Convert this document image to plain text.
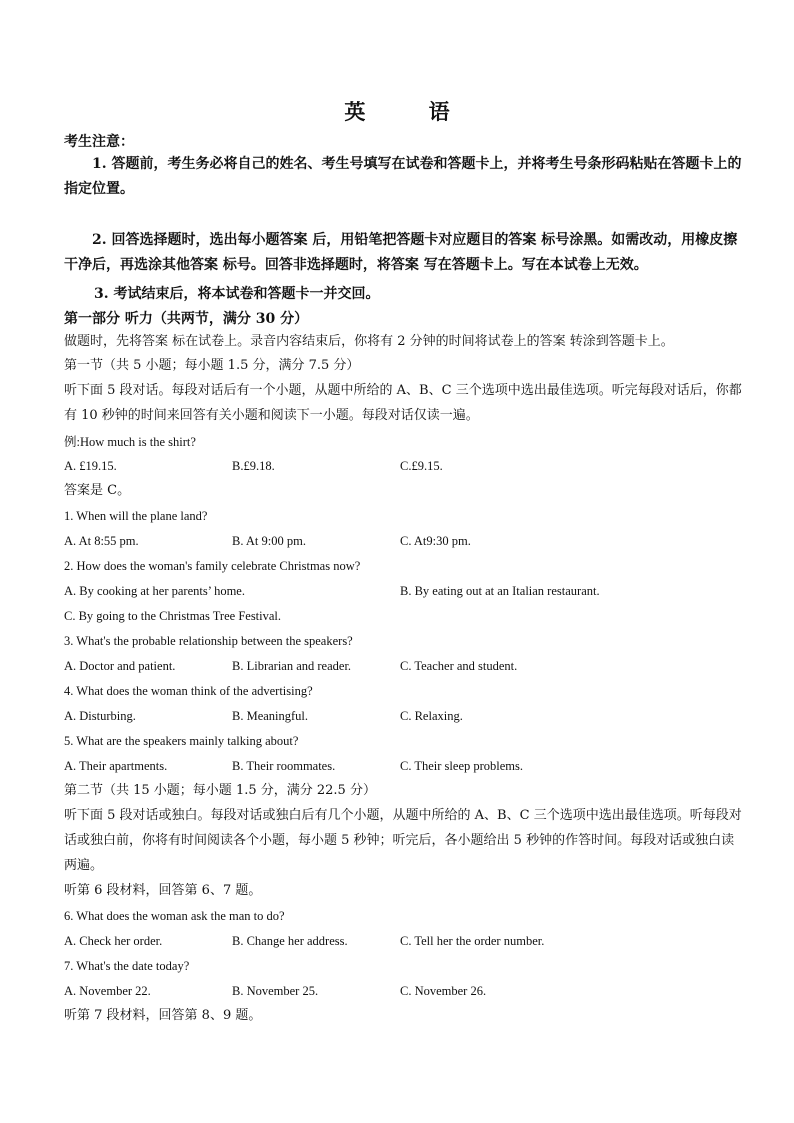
英 语
考生注意：
1. 答题前，考生务必将自己的姓名、考生号填写在试卷和答题卡上，并将考生号条形码粘贴在答题卡上的指定位置。
2. 回答选择题时，选出每小题答案 后，用铅笔把答题卡对应题目的答案 标号涂黑。如需改动，用橡皮擦干净后，再选涂其他答案 标号。回答非选择题时，将答案 写在答题卡上。写在本试卷上无效。
3. 考试结束后，将本试卷和答题卡一并交回。
第一部分 听力（共两节，满分 30 分）
做题时，先将答案 标在试卷上。录音内容结束后，你将有 2 分钟的时间将试卷上的答案 转涂到答题卡上。
第一节（共 5 小题；每小题 1.5 分，满分 7.5 分）
听下面 5 段对话。每段对话后有一个小题，从题中所给的 A、B、C 三个选项中选出最佳选项。听完每段对话后，你都有 10 秒钟的时间来回答有关小题和阅读下一小题。每段对话仅读一遍。
例:How much is the shirt?
A. £19.15.	B.£9.18.	C.£9.15.
答案是 C。
1. When will the plane land?
A. At 8:55 pm.	B. At 9:00 pm.	C. At9:30 pm.
2. How does the woman's family celebrate Christmas now?
A. By cooking at her parents’ home.	B. By eating out at an Italian restaurant.
C. By going to the Christmas Tree Festival.
3. What's the probable relationship between the speakers?
A. Doctor and patient.	B. Librarian and reader.	C. Teacher and student.
4. What does the woman think of the advertising?
A. Disturbing.	B. Meaningful.	C. Relaxing.
5. What are the speakers mainly talking about?
A. Their apartments.	B. Their roommates.	C. Their sleep problems.
第二节（共 15 小题；每小题 1.5 分，满分 22.5 分）
听下面 5 段对话或独白。每段对话或独白后有几个小题，从题中所给的 A、B、C 三个选项中选出最佳选项。听每段对话或独白前，你将有时间阅读各个小题，每小题 5 秒钟；听完后，各小题给出 5 秒钟的作答时间。每段对话或独白读两遍。
听第 6 段材料，回答第 6、7 题。
6. What does the woman ask the man to do?
A. Check her order.	B. Change her address.	C. Tell her the order number.
7. What's the date today?
A. November 22.	B. November 25.	C. November 26.
听第 7 段材料，回答第 8、9 题。
